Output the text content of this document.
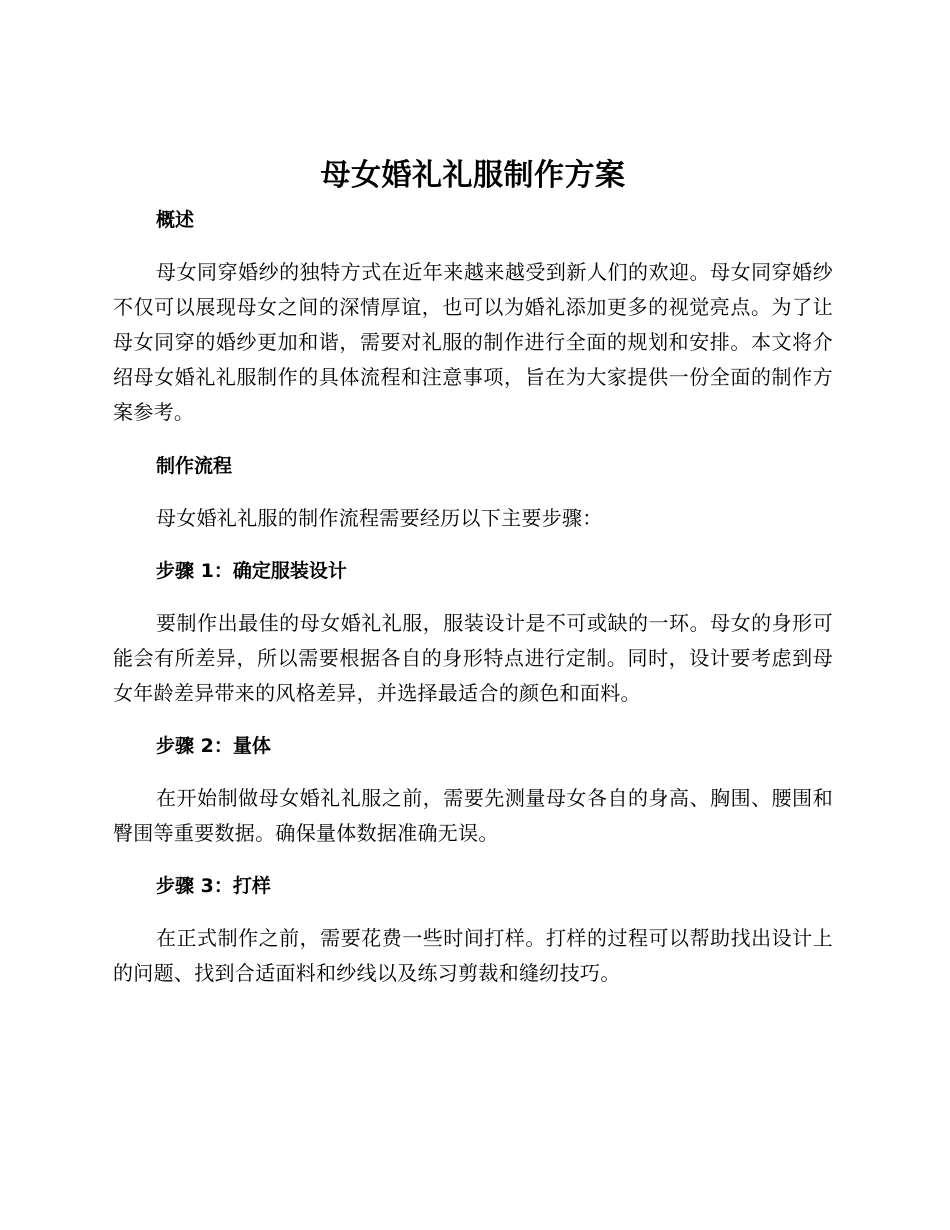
母女婚礼礼服制作方案
概述

母女同穿婚纱的独特方式在近年来越来越受到新人们的欢迎。母女同穿婚纱不仅可以展现母女之间的深情厚谊，也可以为婚礼添加更多的视觉亮点。为了让母女同穿的婚纱更加和谐，需要对礼服的制作进行全面的规划和安排。本文将介绍母女婚礼礼服制作的具体流程和注意事项，旨在为大家提供一份全面的制作方案参考。

制作流程

母女婚礼礼服的制作流程需要经历以下主要步骤：

步骤 1：确定服装设计

要制作出最佳的母女婚礼礼服，服装设计是不可或缺的一环。母女的身形可能会有所差异，所以需要根据各自的身形特点进行定制。同时，设计要考虑到母女年龄差异带来的风格差异，并选择最适合的颜色和面料。

步骤 2：量体

在开始制做母女婚礼礼服之前，需要先测量母女各自的身高、胸围、腰围和臀围等重要数据。确保量体数据准确无误。

步骤 3：打样

在正式制作之前，需要花费一些时间打样。打样的过程可以帮助找出设计上的问题、找到合适面料和纱线以及练习剪裁和缝纫技巧。
